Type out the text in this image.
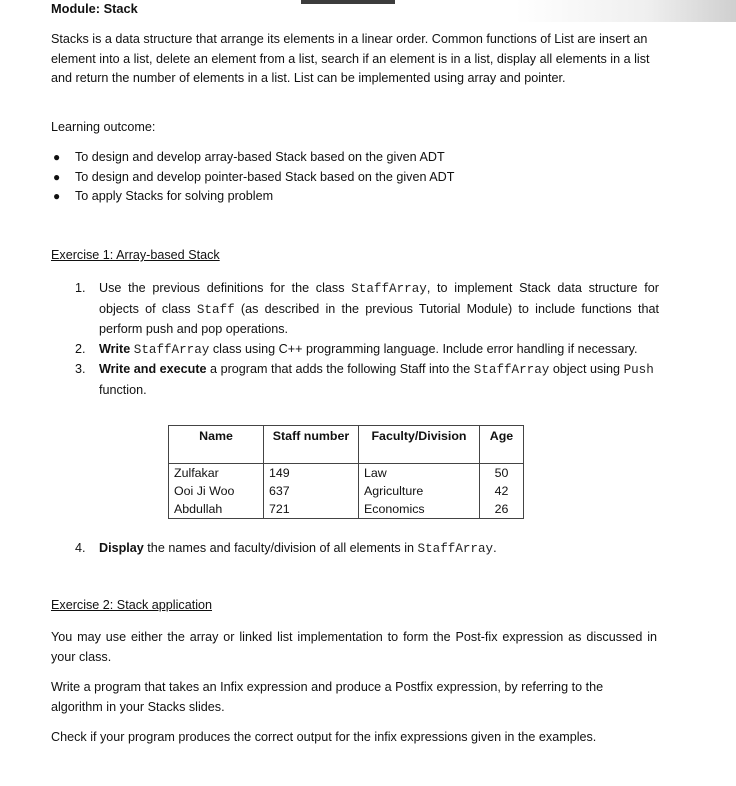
Module: Stack
Stacks is a data structure that arrange its elements in a linear order. Common functions of List are insert an element into a list, delete an element from a list, search if an element is in a list, display all elements in a list and return the number of elements in a list. List can be implemented using array and pointer.
Learning outcome:
● To design and develop array-based Stack based on the given ADT
● To design and develop pointer-based Stack based on the given ADT
● To apply Stacks for solving problem
Exercise 1: Array-based Stack
1. Use the previous definitions for the class StaffArray, to implement Stack data structure for objects of class Staff (as described in the previous Tutorial Module) to include functions that perform push and pop operations.
2. Write StaffArray class using C++ programming language. Include error handling if necessary.
3. Write and execute a program that adds the following Staff into the StaffArray object using Push function.
Name	Staff number	Faculty/Division	Age
Zulfakar	149	Law	50
Ooi Ji Woo	637	Agriculture	42
Abdullah	721	Economics	26
4. Display the names and faculty/division of all elements in StaffArray.
Exercise 2: Stack application
You may use either the array or linked list implementation to form the Post-fix expression as discussed in your class.
Write a program that takes an Infix expression and produce a Postfix expression, by referring to the algorithm in your Stacks slides.
Check if your program produces the correct output for the infix expressions given in the examples.
